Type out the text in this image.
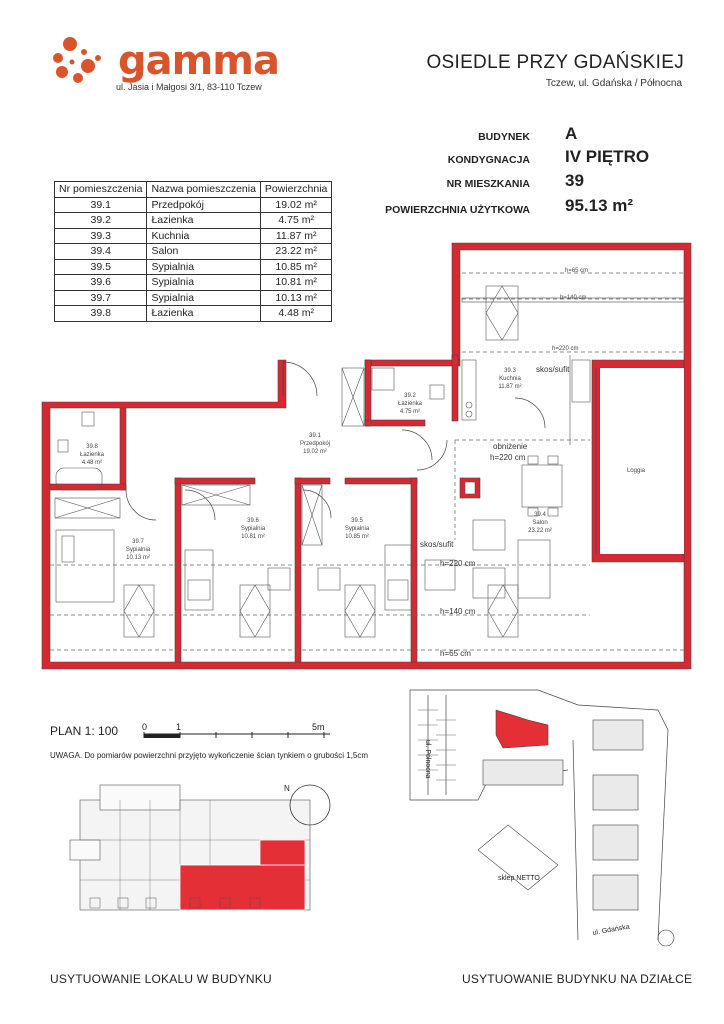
gamma
ul. Jasia i Małgosi 3/1, 83-110 Tczew
OSIEDLE PRZY GDAŃSKIEJ
Tczew, ul. Gdańska / Północna
BUDYNEK A
KONDYGNACJA IV PIĘTRO
NR MIESZKANIA 39
POWIERZCHNIA UŻYTKOWA 95.13 m²
Nr pomieszczenia	Nazwa pomieszczenia	Powierzchnia
39.1	Przedpokój	19.02 m²
39.2	Łazienka	4.75 m²
39.3	Kuchnia	11.87 m²
39.4	Salon	23.22 m²
39.5	Sypialnia	10.85 m²
39.6	Sypialnia	10.81 m²
39.7	Sypialnia	10.13 m²
39.8	Łazienka	4.48 m²
Loggia
h=65 cm
h=140 cm
h=220 cm
skos/sufit
obniżenie
h=220 cm
skos/sufit
h=220 cm
h=140 cm
h=65 cm
39.1
Przedpokój
19.02 m²
39.2
Łazienka
4.75 m²
39.3
Kuchnia
11.87 m²
39.4
Salon
23.22 m²
39.5
Sypialnia
10.85 m²
39.6
Sypialnia
10.81 m²
39.7
Sypialnia
10.13 m²
39.8
Łazienka
4.48 m²
PLAN 1: 100	0	1	5m
UWAGA. Do pomiarów powierzchni przyjęto wykończenie ścian tynkiem o grubości 1,5cm
N
ul. Północna
sklep NETTO
ul. Gdańska
USYTUOWANIE LOKALU W BUDYNKU	USYTUOWANIE BUDYNKU NA DZIAŁCE
